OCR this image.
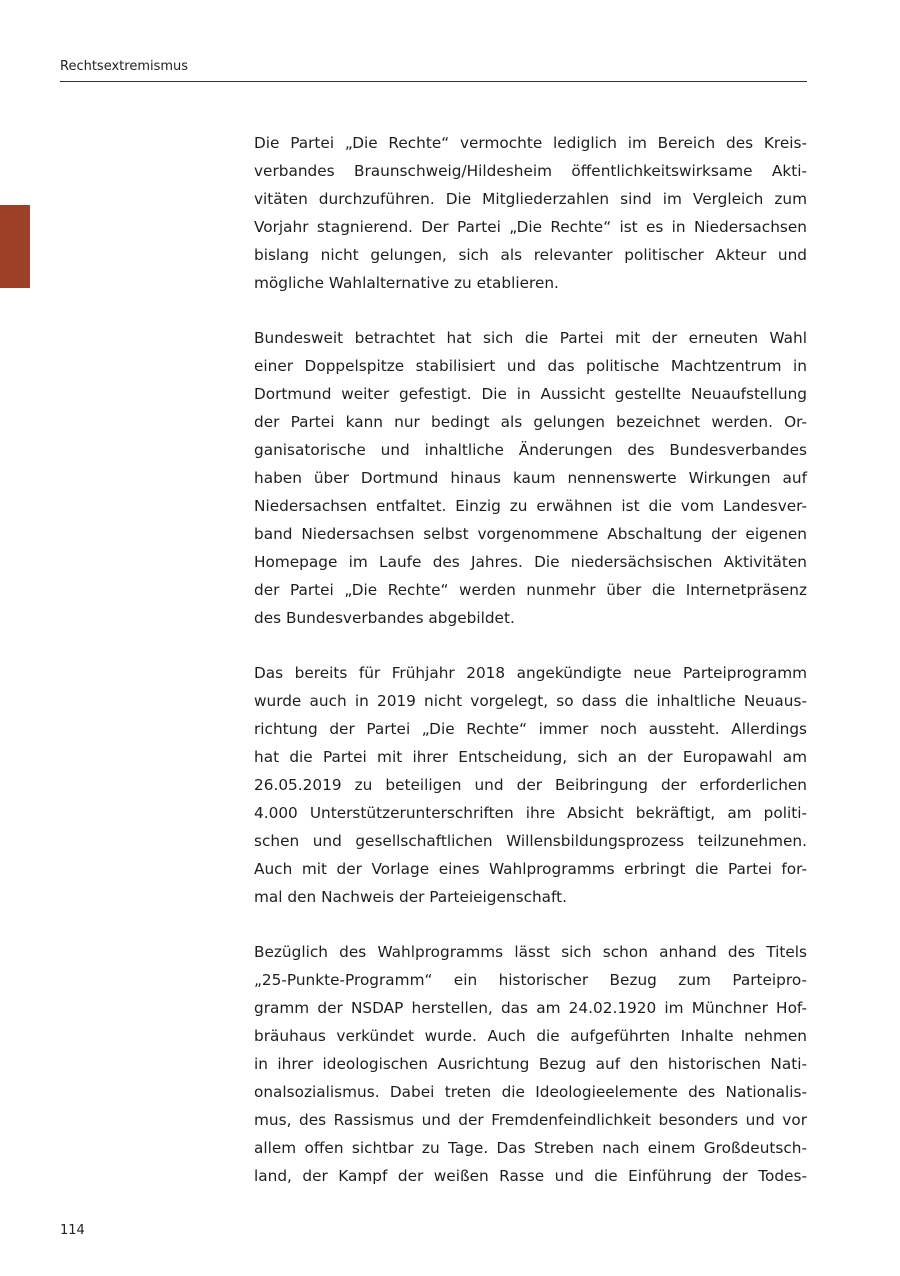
Rechtsextremismus
Die Partei „Die Rechte“ vermochte lediglich im Bereich des Kreis-
verbandes Braunschweig/Hildesheim öffentlichkeitswirksame Akti-
vitäten durchzuführen. Die Mitgliederzahlen sind im Vergleich zum
Vorjahr stagnierend. Der Partei „Die Rechte“ ist es in Niedersachsen
bislang nicht gelungen, sich als relevanter politischer Akteur und
mögliche Wahlalternative zu etablieren.
Bundesweit betrachtet hat sich die Partei mit der erneuten Wahl
einer Doppelspitze stabilisiert und das politische Machtzentrum in
Dortmund weiter gefestigt. Die in Aussicht gestellte Neuaufstellung
der Partei kann nur bedingt als gelungen bezeichnet werden. Or-
ganisatorische und inhaltliche Änderungen des Bundesverbandes
haben über Dortmund hinaus kaum nennenswerte Wirkungen auf
Niedersachsen entfaltet. Einzig zu erwähnen ist die vom Landesver-
band Niedersachsen selbst vorgenommene Abschaltung der eigenen
Homepage im Laufe des Jahres. Die niedersächsischen Aktivitäten
der Partei „Die Rechte“ werden nunmehr über die Internetpräsenz
des Bundesverbandes abgebildet.
Das bereits für Frühjahr 2018 angekündigte neue Parteiprogramm
wurde auch in 2019 nicht vorgelegt, so dass die inhaltliche Neuaus-
richtung der Partei „Die Rechte“ immer noch aussteht. Allerdings
hat die Partei mit ihrer Entscheidung, sich an der Europawahl am
26.05.2019 zu beteiligen und der Beibringung der erforderlichen
4.000 Unterstützerunterschriften ihre Absicht bekräftigt, am politi-
schen und gesellschaftlichen Willensbildungsprozess teilzunehmen.
Auch mit der Vorlage eines Wahlprogramms erbringt die Partei for-
mal den Nachweis der Parteieigenschaft.
Bezüglich des Wahlprogramms lässt sich schon anhand des Titels
„25-Punkte-Programm“ ein historischer Bezug zum Parteipro-
gramm der NSDAP herstellen, das am 24.02.1920 im Münchner Hof-
bräuhaus verkündet wurde. Auch die aufgeführten Inhalte nehmen
in ihrer ideologischen Ausrichtung Bezug auf den historischen Nati-
onalsozialismus. Dabei treten die Ideologieelemente des Nationalis-
mus, des Rassismus und der Fremdenfeindlichkeit besonders und vor
allem offen sichtbar zu Tage. Das Streben nach einem Großdeutsch-
land, der Kampf der weißen Rasse und die Einführung der Todes-
114
